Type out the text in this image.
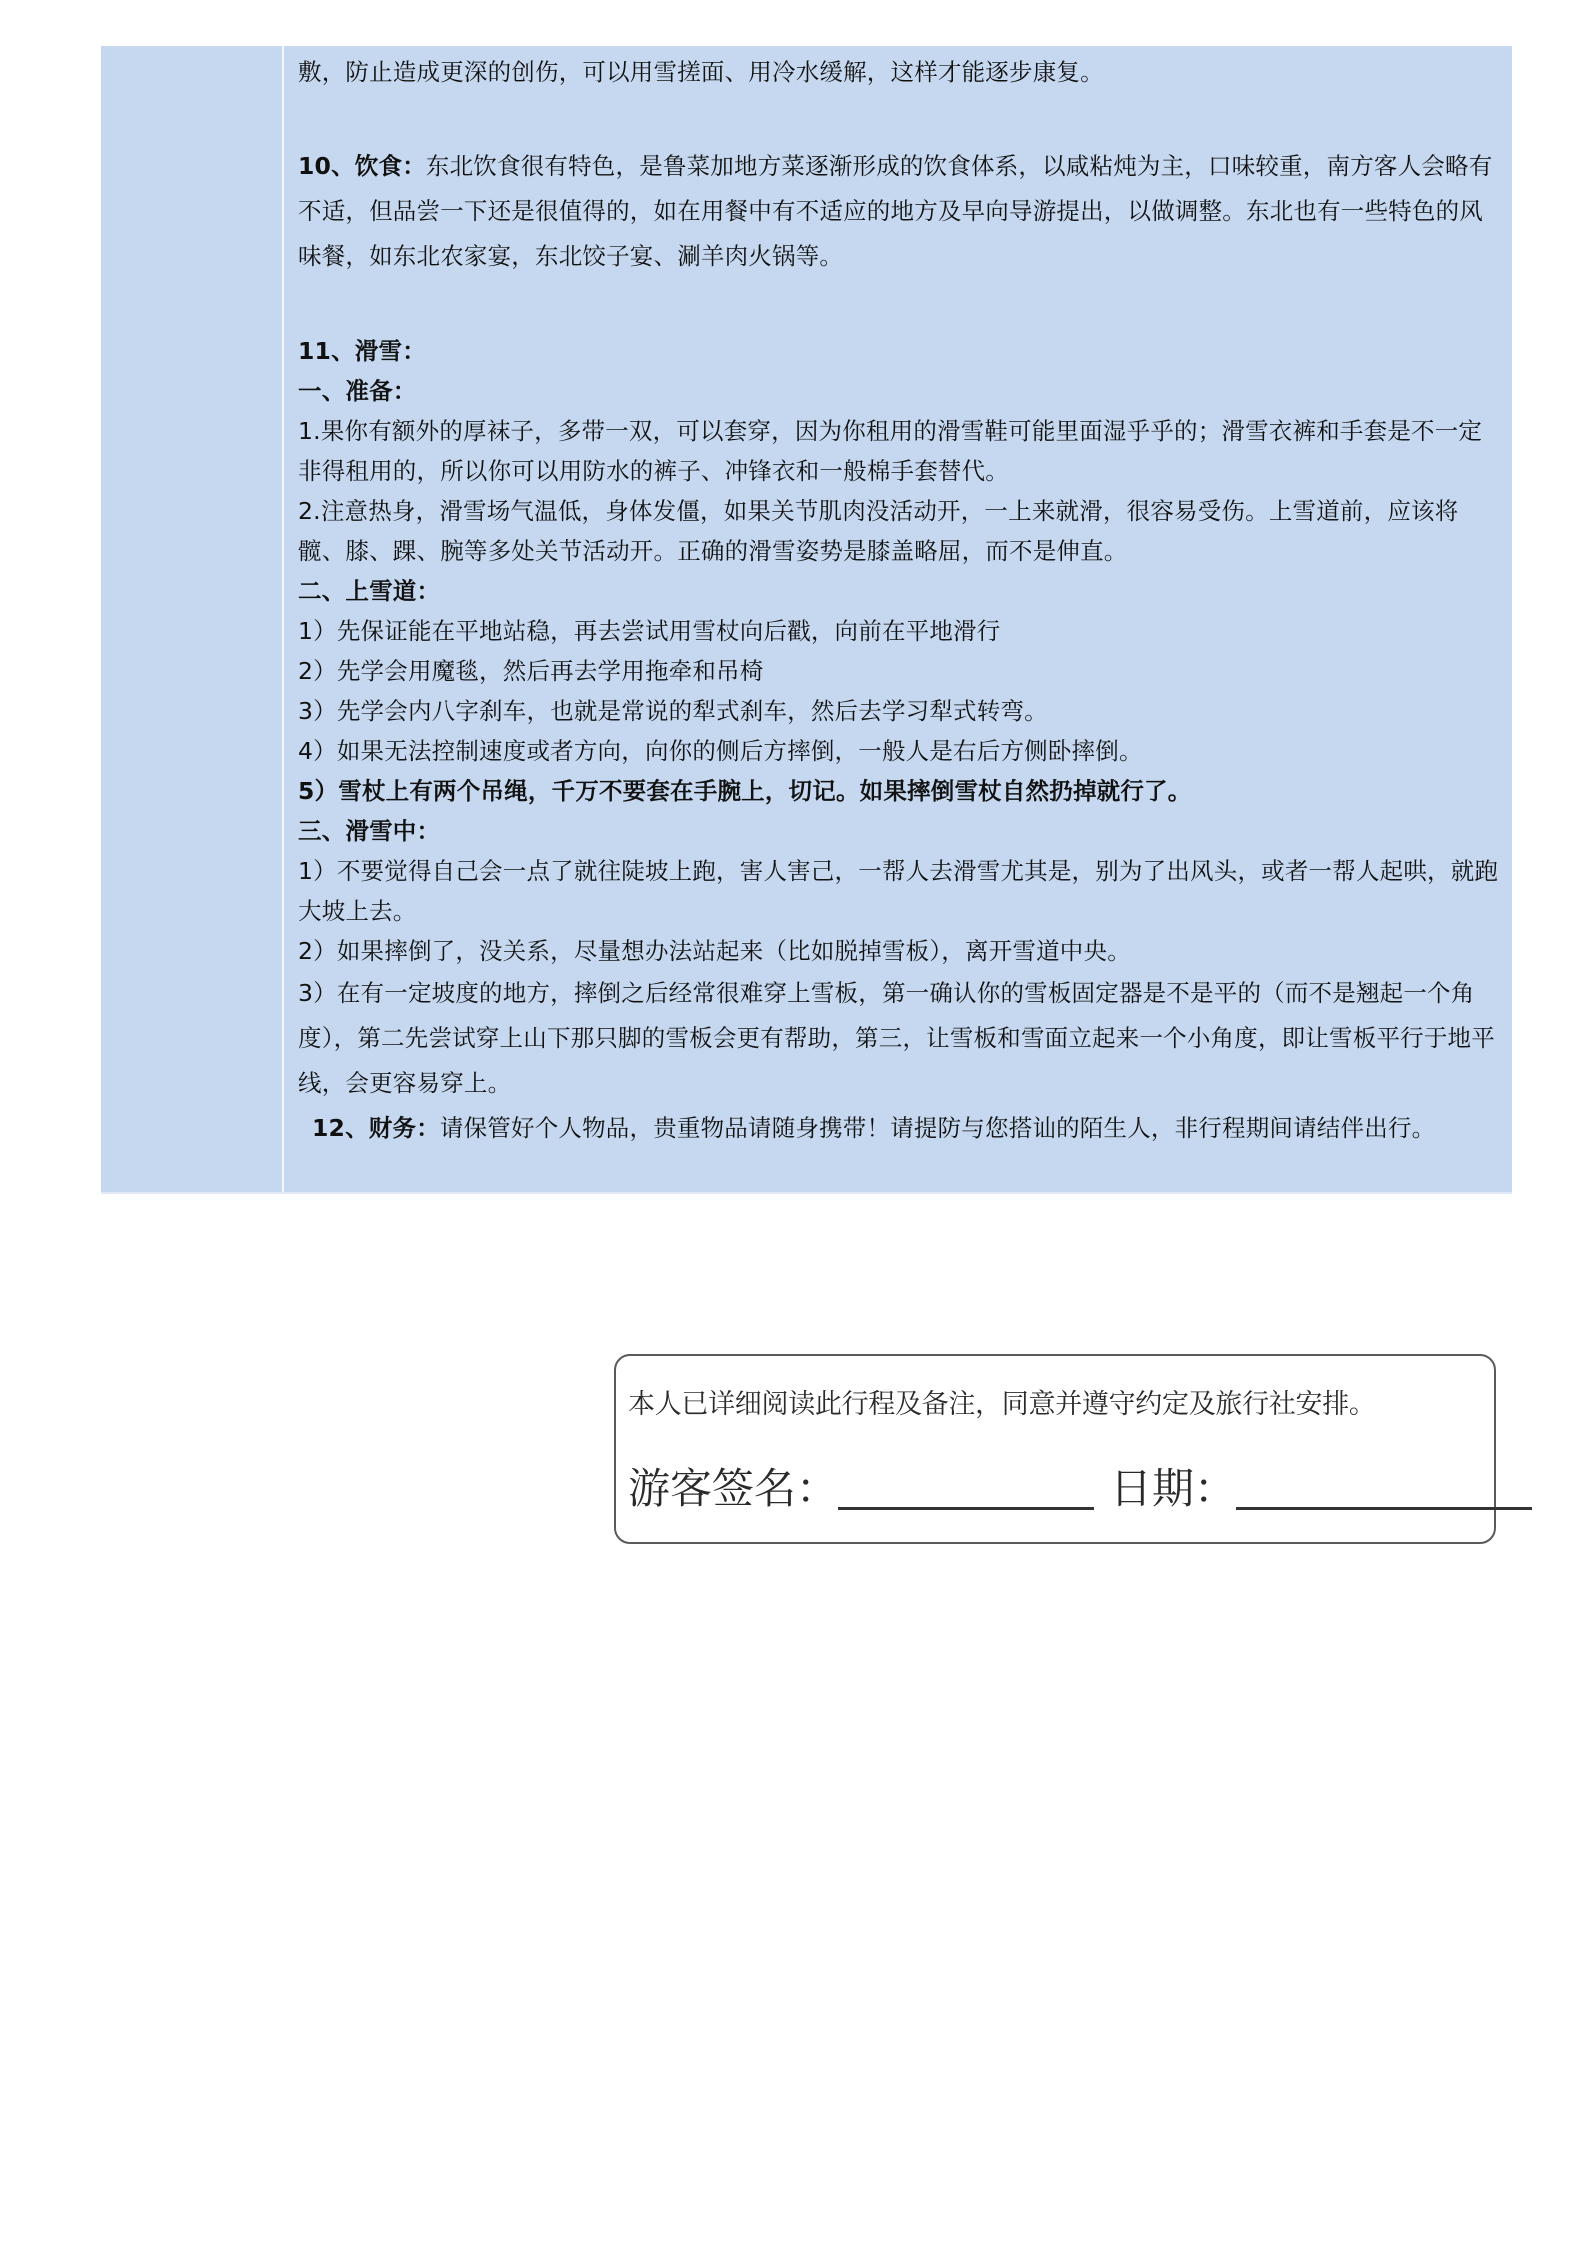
敷，防止造成更深的创伤，可以用雪搓面、用冷水缓解，这样才能逐步康复。

10、饮食：东北饮食很有特色，是鲁菜加地方菜逐渐形成的饮食体系，以咸粘炖为主，口味较重，南方客人会略有不适，但品尝一下还是很值得的，如在用餐中有不适应的地方及早向导游提出，以做调整。东北也有一些特色的风味餐，如东北农家宴，东北饺子宴、涮羊肉火锅等。

11、滑雪：

一、准备：

1.果你有额外的厚袜子，多带一双，可以套穿，因为你租用的滑雪鞋可能里面湿乎乎的；滑雪衣裤和手套是不一定非得租用的，所以你可以用防水的裤子、冲锋衣和一般棉手套替代。

2.注意热身，滑雪场气温低，身体发僵，如果关节肌肉没活动开，一上来就滑，很容易受伤。上雪道前，应该将髋、膝、踝、腕等多处关节活动开。正确的滑雪姿势是膝盖略屈，而不是伸直。

二、上雪道：

1）先保证能在平地站稳，再去尝试用雪杖向后戳，向前在平地滑行

2）先学会用魔毯，然后再去学用拖牵和吊椅

3）先学会内八字刹车，也就是常说的犁式刹车，然后去学习犁式转弯。

4）如果无法控制速度或者方向，向你的侧后方摔倒，一般人是右后方侧卧摔倒。

5）雪杖上有两个吊绳，千万不要套在手腕上，切记。如果摔倒雪杖自然扔掉就行了。

三、滑雪中：

1）不要觉得自己会一点了就往陡坡上跑，害人害己，一帮人去滑雪尤其是，别为了出风头，或者一帮人起哄，就跑大坡上去。

2）如果摔倒了，没关系，尽量想办法站起来（比如脱掉雪板），离开雪道中央。

3）在有一定坡度的地方，摔倒之后经常很难穿上雪板，第一确认你的雪板固定器是不是平的（而不是翘起一个角度），第二先尝试穿上山下那只脚的雪板会更有帮助，第三，让雪板和雪面立起来一个小角度，即让雪板平行于地平线，会更容易穿上。

12、财务：请保管好个人物品，贵重物品请随身携带！请提防与您搭讪的陌生人，非行程期间请结伴出行。

本人已详细阅读此行程及备注，同意并遵守约定及旅行社安排。
游客签名：	日期：
